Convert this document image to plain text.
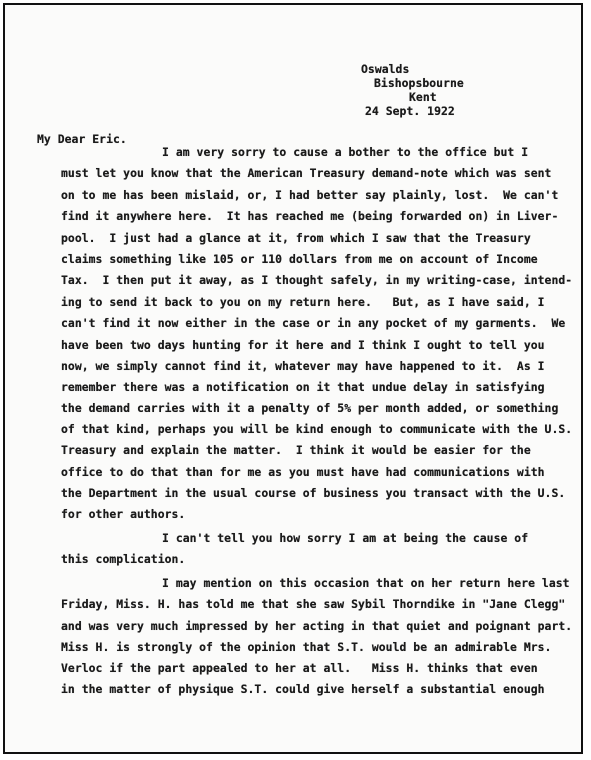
Oswalds
Bishopsbourne
Kent
24 Sept. 1922
My Dear Eric.
I am very sorry to cause a bother to the office but I
must let you know that the American Treasury demand-note which was sent
on to me has been mislaid, or, I had better say plainly, lost.  We can't
find it anywhere here.  It has reached me (being forwarded on) in Liver-
pool.  I just had a glance at it, from which I saw that the Treasury
claims something like 105 or 110 dollars from me on account of Income
Tax.  I then put it away, as I thought safely, in my writing-case, intend-
ing to send it back to you on my return here.   But, as I have said, I
can't find it now either in the case or in any pocket of my garments.  We
have been two days hunting for it here and I think I ought to tell you
now, we simply cannot find it, whatever may have happened to it.  As I
remember there was a notification on it that undue delay in satisfying
the demand carries with it a penalty of 5% per month added, or something
of that kind, perhaps you will be kind enough to communicate with the U.S.
Treasury and explain the matter.  I think it would be easier for the
office to do that than for me as you must have had communications with
the Department in the usual course of business you transact with the U.S.
for other authors.
I can't tell you how sorry I am at being the cause of
this complication.
I may mention on this occasion that on her return here last
Friday, Miss. H. has told me that she saw Sybil Thorndike in "Jane Clegg"
and was very much impressed by her acting in that quiet and poignant part.
Miss H. is strongly of the opinion that S.T. would be an admirable Mrs.
Verloc if the part appealed to her at all.   Miss H. thinks that even
in the matter of physique S.T. could give herself a substantial enough
